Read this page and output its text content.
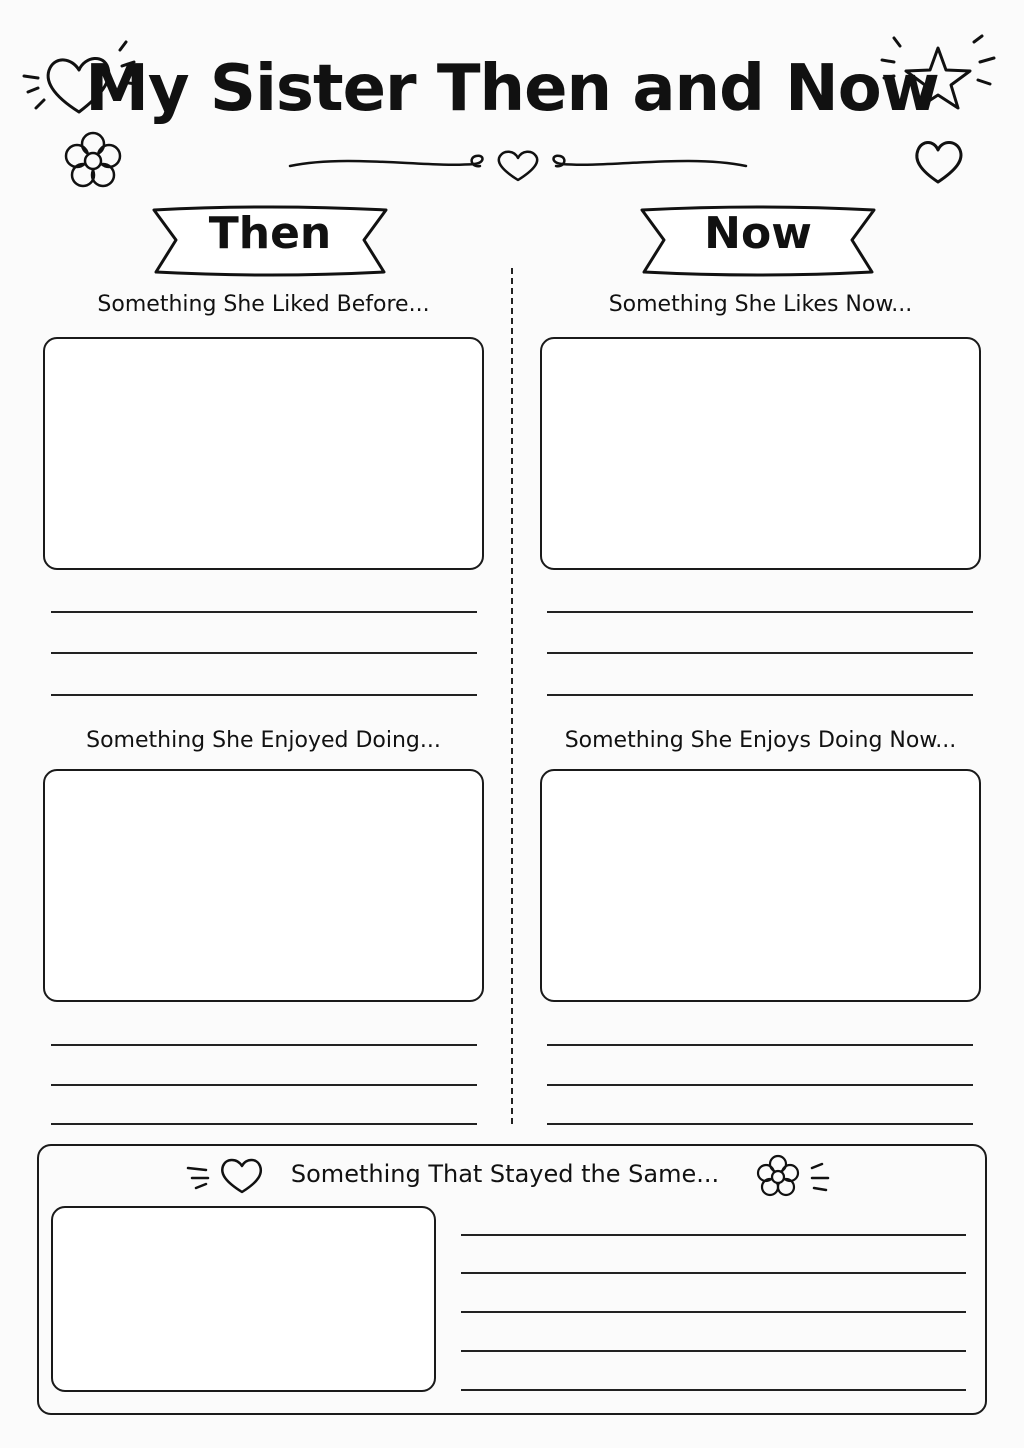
My Sister Then and Now
Then	Now
Something She Liked Before...
Something She Enjoyed Doing...
Something She Likes Now...
Something She Enjoys Doing Now...
Something That Stayed the Same...
